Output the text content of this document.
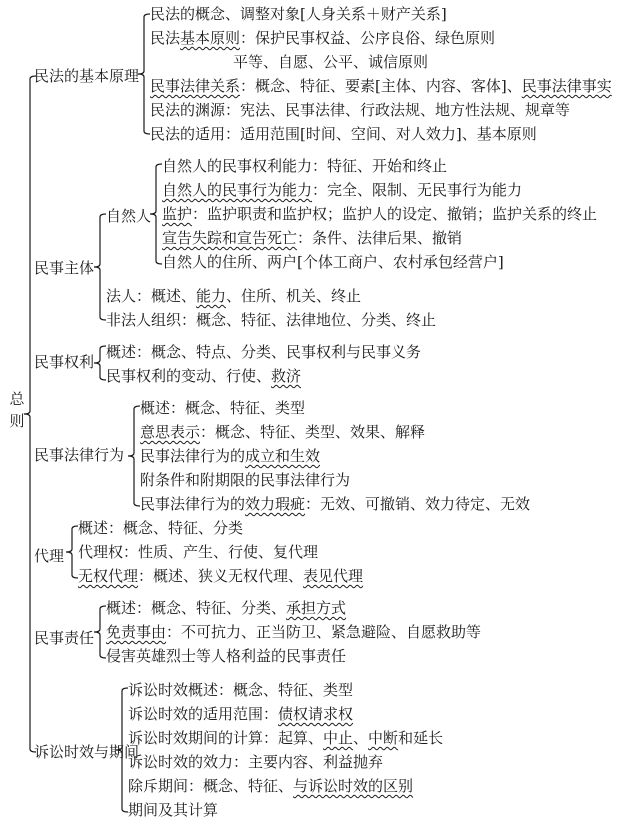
总则
民法的基本原理
民法的概念、调整对象[人身关系＋财产关系]
民法基本原则：保护民事权益、公序良俗、绿色原则
平等、自愿、公平、诚信原则
民事法律关系：概念、特征、要素[主体、内容、客体]、民事法律事实
民法的渊源：宪法、民事法律、行政法规、地方性法规、规章等
民法的适用：适用范围[时间、空间、对人效力]、基本原则
民事主体
自然人
自然人的民事权利能力：特征、开始和终止
自然人的民事行为能力：完全、限制、无民事行为能力
监护：监护职责和监护权；监护人的设定、撤销；监护关系的终止
宣告失踪和宣告死亡：条件、法律后果、撤销
自然人的住所、两户[个体工商户、农村承包经营户]
法人：概述、能力、住所、机关、终止
非法人组织：概念、特征、法律地位、分类、终止
民事权利
概述：概念、特点、分类、民事权利与民事义务
民事权利的变动、行使、救济
民事法律行为
概述：概念、特征、类型
意思表示：概念、特征、类型、效果、解释
民事法律行为的成立和生效
附条件和附期限的民事法律行为
民事法律行为的效力瑕疵：无效、可撤销、效力待定、无效
代理
概述：概念、特征、分类
代理权：性质、产生、行使、复代理
无权代理：概述、狭义无权代理、表见代理
民事责任
概述：概念、特征、分类、承担方式
免责事由：不可抗力、正当防卫、紧急避险、自愿救助等
侵害英雄烈士等人格利益的民事责任
诉讼时效与期间
诉讼时效概述：概念、特征、类型
诉讼时效的适用范围：债权请求权
诉讼时效期间的计算：起算、中止、中断和延长
诉讼时效的效力：主要内容、利益抛弃
除斥期间：概念、特征、与诉讼时效的区别
期间及其计算
